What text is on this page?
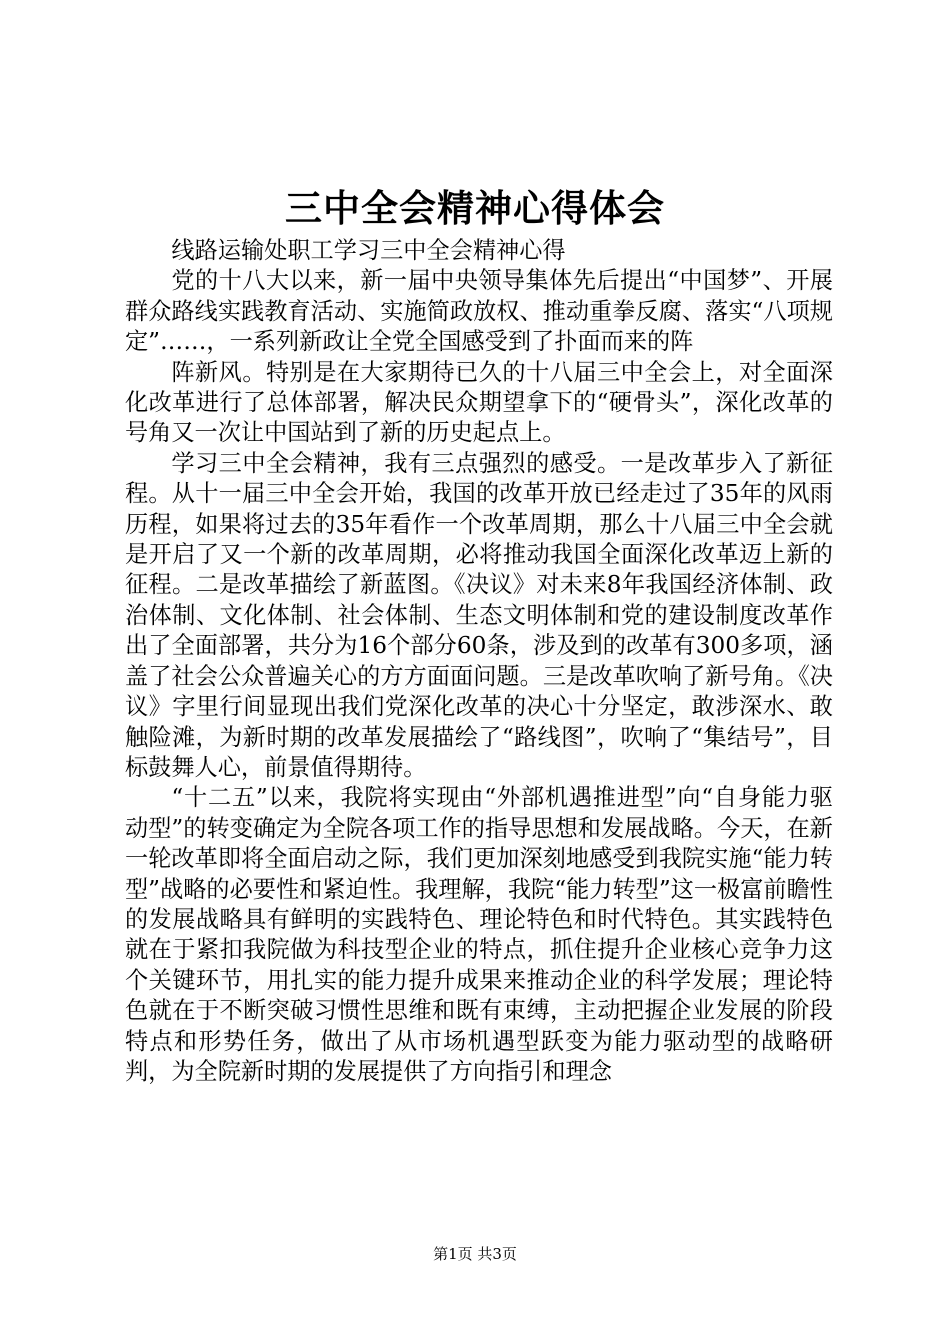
三中全会精神心得体会

线路运输处职工学习三中全会精神心得

党的十八大以来，新一届中央领导集体先后提出“中国梦”、开展群众路线实践教育活动、实施简政放权、推动重拳反腐、落实“八项规定”……，一系列新政让全党全国感受到了扑面而来的阵

阵新风。特别是在大家期待已久的十八届三中全会上，对全面深化改革进行了总体部署，解决民众期望拿下的“硬骨头”，深化改革的号角又一次让中国站到了新的历史起点上。

学习三中全会精神，我有三点强烈的感受。一是改革步入了新征程。从十一届三中全会开始，我国的改革开放已经走过了35年的风雨历程，如果将过去的35年看作一个改革周期，那么十八届三中全会就是开启了又一个新的改革周期，必将推动我国全面深化改革迈上新的征程。二是改革描绘了新蓝图。《决议》对未来8年我国经济体制、政治体制、文化体制、社会体制、生态文明体制和党的建设制度改革作出了全面部署，共分为16个部分60条，涉及到的改革有300多项，涵盖了社会公众普遍关心的方方面面问题。三是改革吹响了新号角。《决议》字里行间显现出我们党深化改革的决心十分坚定，敢涉深水、敢触险滩，为新时期的改革发展描绘了“路线图”，吹响了“集结号”，目标鼓舞人心，前景值得期待。

“十二五”以来，我院将实现由“外部机遇推进型”向“自身能力驱动型”的转变确定为全院各项工作的指导思想和发展战略。今天，在新一轮改革即将全面启动之际，我们更加深刻地感受到我院实施“能力转型”战略的必要性和紧迫性。我理解，我院“能力转型”这一极富前瞻性的发展战略具有鲜明的实践特色、理论特色和时代特色。其实践特色就在于紧扣我院做为科技型企业的特点，抓住提升企业核心竞争力这个关键环节，用扎实的能力提升成果来推动企业的科学发展；理论特色就在于不断突破习惯性思维和既有束缚，主动把握企业发展的阶段特点和形势任务，做出了从市场机遇型跃变为能力驱动型的战略研判，为全院新时期的发展提供了方向指引和理念

第1页 共3页
